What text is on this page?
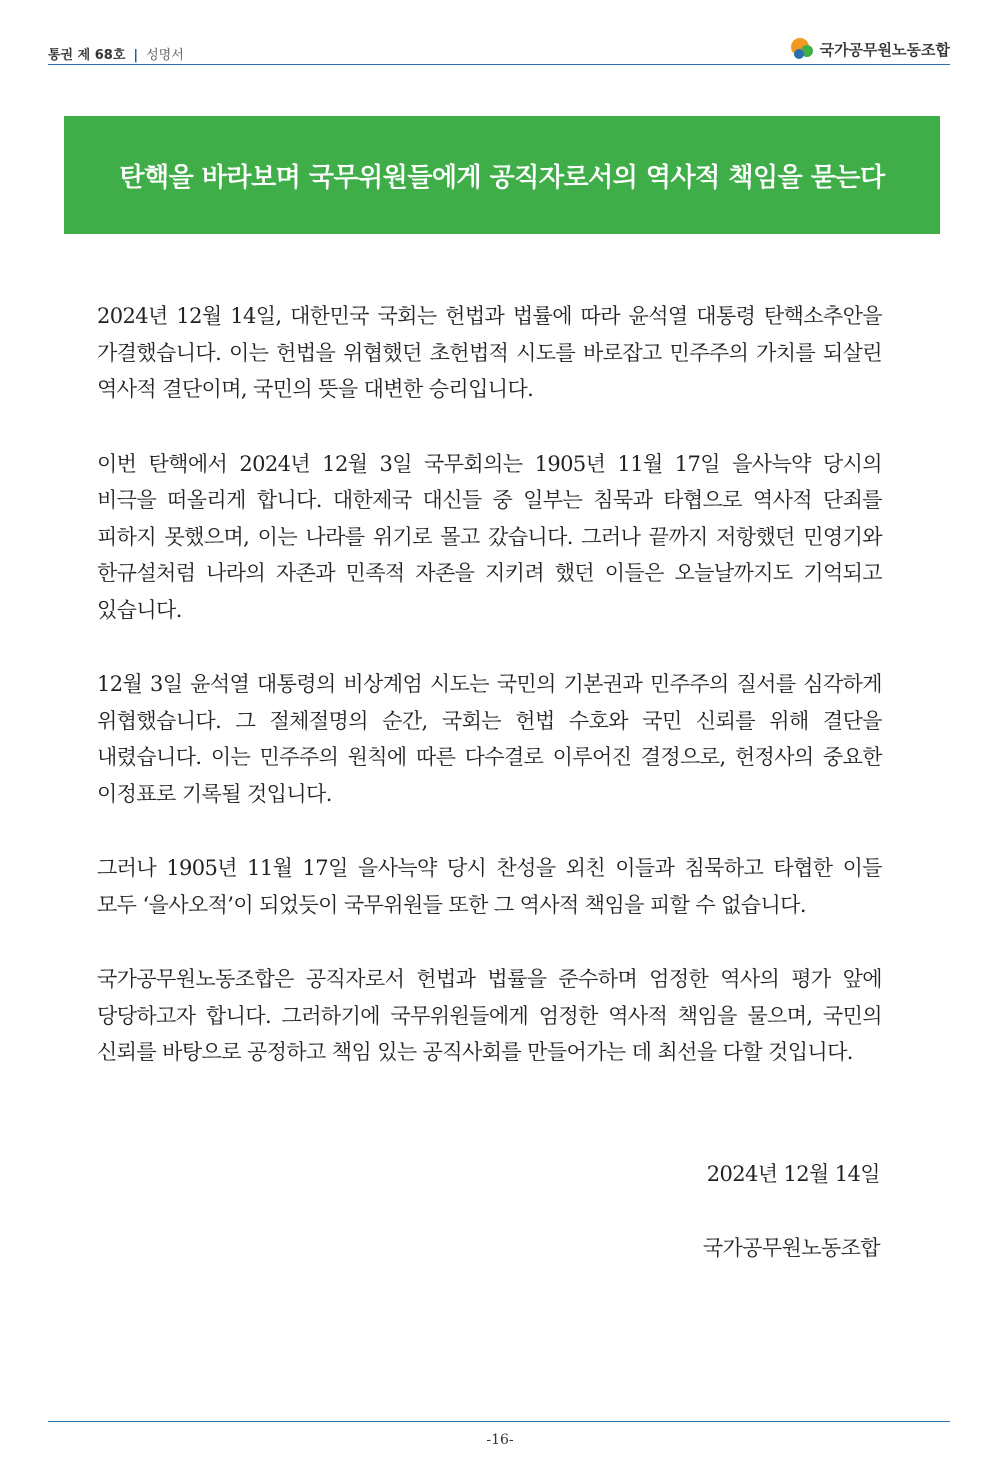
통권 제 68호 | 성명서	국가공무원노동조합
탄핵을 바라보며 국무위원들에게 공직자로서의 역사적 책임을 묻는다

2024년 12월 14일, 대한민국 국회는 헌법과 법률에 따라 윤석열 대통령 탄핵소추안을 가결했습니다. 이는 헌법을 위협했던 초헌법적 시도를 바로잡고 민주주의 가치를 되살린 역사적 결단이며, 국민의 뜻을 대변한 승리입니다.

이번 탄핵에서 2024년 12월 3일 국무회의는 1905년 11월 17일 을사늑약 당시의 비극을 떠올리게 합니다. 대한제국 대신들 중 일부는 침묵과 타협으로 역사적 단죄를 피하지 못했으며, 이는 나라를 위기로 몰고 갔습니다. 그러나 끝까지 저항했던 민영기와 한규설처럼 나라의 자존과 민족적 자존을 지키려 했던 이들은 오늘날까지도 기억되고 있습니다.

12월 3일 윤석열 대통령의 비상계엄 시도는 국민의 기본권과 민주주의 질서를 심각하게 위협했습니다. 그 절체절명의 순간, 국회는 헌법 수호와 국민 신뢰를 위해 결단을 내렸습니다. 이는 민주주의 원칙에 따른 다수결로 이루어진 결정으로, 헌정사의 중요한 이정표로 기록될 것입니다.

그러나 1905년 11월 17일 을사늑약 당시 찬성을 외친 이들과 침묵하고 타협한 이들 모두 ‘을사오적’이 되었듯이 국무위원들 또한 그 역사적 책임을 피할 수 없습니다.

국가공무원노동조합은 공직자로서 헌법과 법률을 준수하며 엄정한 역사의 평가 앞에 당당하고자 합니다. 그러하기에 국무위원들에게 엄정한 역사적 책임을 물으며, 국민의 신뢰를 바탕으로 공정하고 책임 있는 공직사회를 만들어가는 데 최선을 다할 것입니다.

2024년 12월 14일
국가공무원노동조합
-16-
